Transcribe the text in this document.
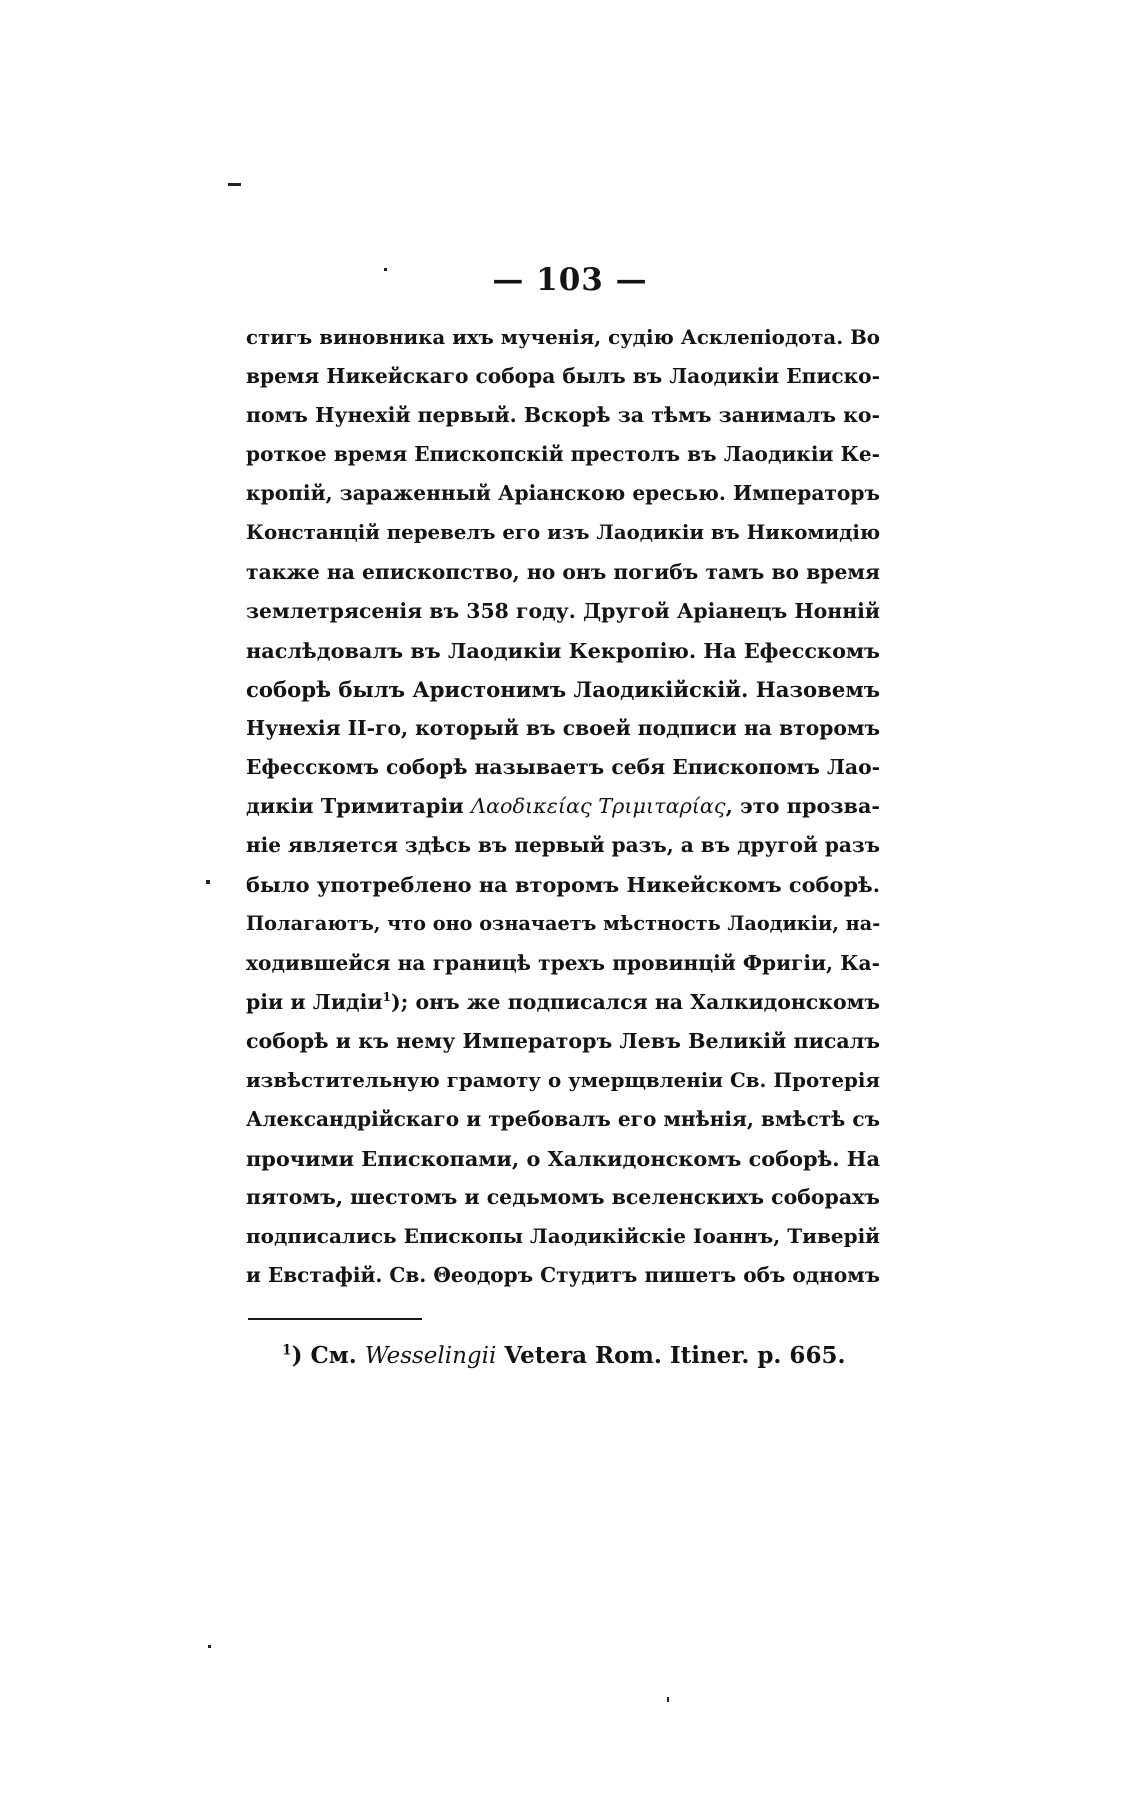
— 103 —
стигъ виновника ихъ мученія, судію Асклепіодота. Во
время Никейскаго собора былъ въ Лаодикіи Еписко-
помъ Нунехій первый. Вскорѣ за тѣмъ занималъ ко-
роткое время Епископскій престолъ въ Лаодикіи Ке-
кропій, зараженный Аріанскою ересью. Императоръ
Констанцій перевелъ его изъ Лаодикіи въ Никомидію
также на епископство, но онъ погибъ тамъ во время
землетрясенія въ 358 году. Другой Аріанецъ Нонній
наслѣдовалъ въ Лаодикіи Кекропію. На Ефесскомъ
соборѣ былъ Аристонимъ Лаодикійскій. Назовемъ
Нунехія II-го, который въ своей подписи на второмъ
Ефесскомъ соборѣ называетъ себя Епископомъ Лао-
дикіи Тримитаріи Λαοδικείας Τριμιταρίας, это прозва-
ніе является здѣсь въ первый разъ, а въ другой разъ
было употреблено на второмъ Никейскомъ соборѣ.
Полагаютъ, что оно означаетъ мѣстность Лаодикіи, на-
ходившейся на границѣ трехъ провинцій Фригіи, Ка-
ріи и Лидіи$^1$); онъ же подписался на Халкидонскомъ
соборѣ и къ нему Императоръ Левъ Великій писалъ
извѣстительную грамоту о умерщвленіи Св. Протерія
Александрійскаго и требовалъ его мнѣнія, вмѣстѣ съ
прочими Епископами, о Халкидонскомъ соборѣ. На
пятомъ, шестомъ и седьмомъ вселенскихъ соборахъ
подписались Епископы Лаодикійскіе Іоаннъ, Тиверій
и Евстафій. Св. Θеодоръ Студитъ пишетъ объ одномъ
$^1$) См. Wesselingii Vetera Rom. Itiner. p. 665.
